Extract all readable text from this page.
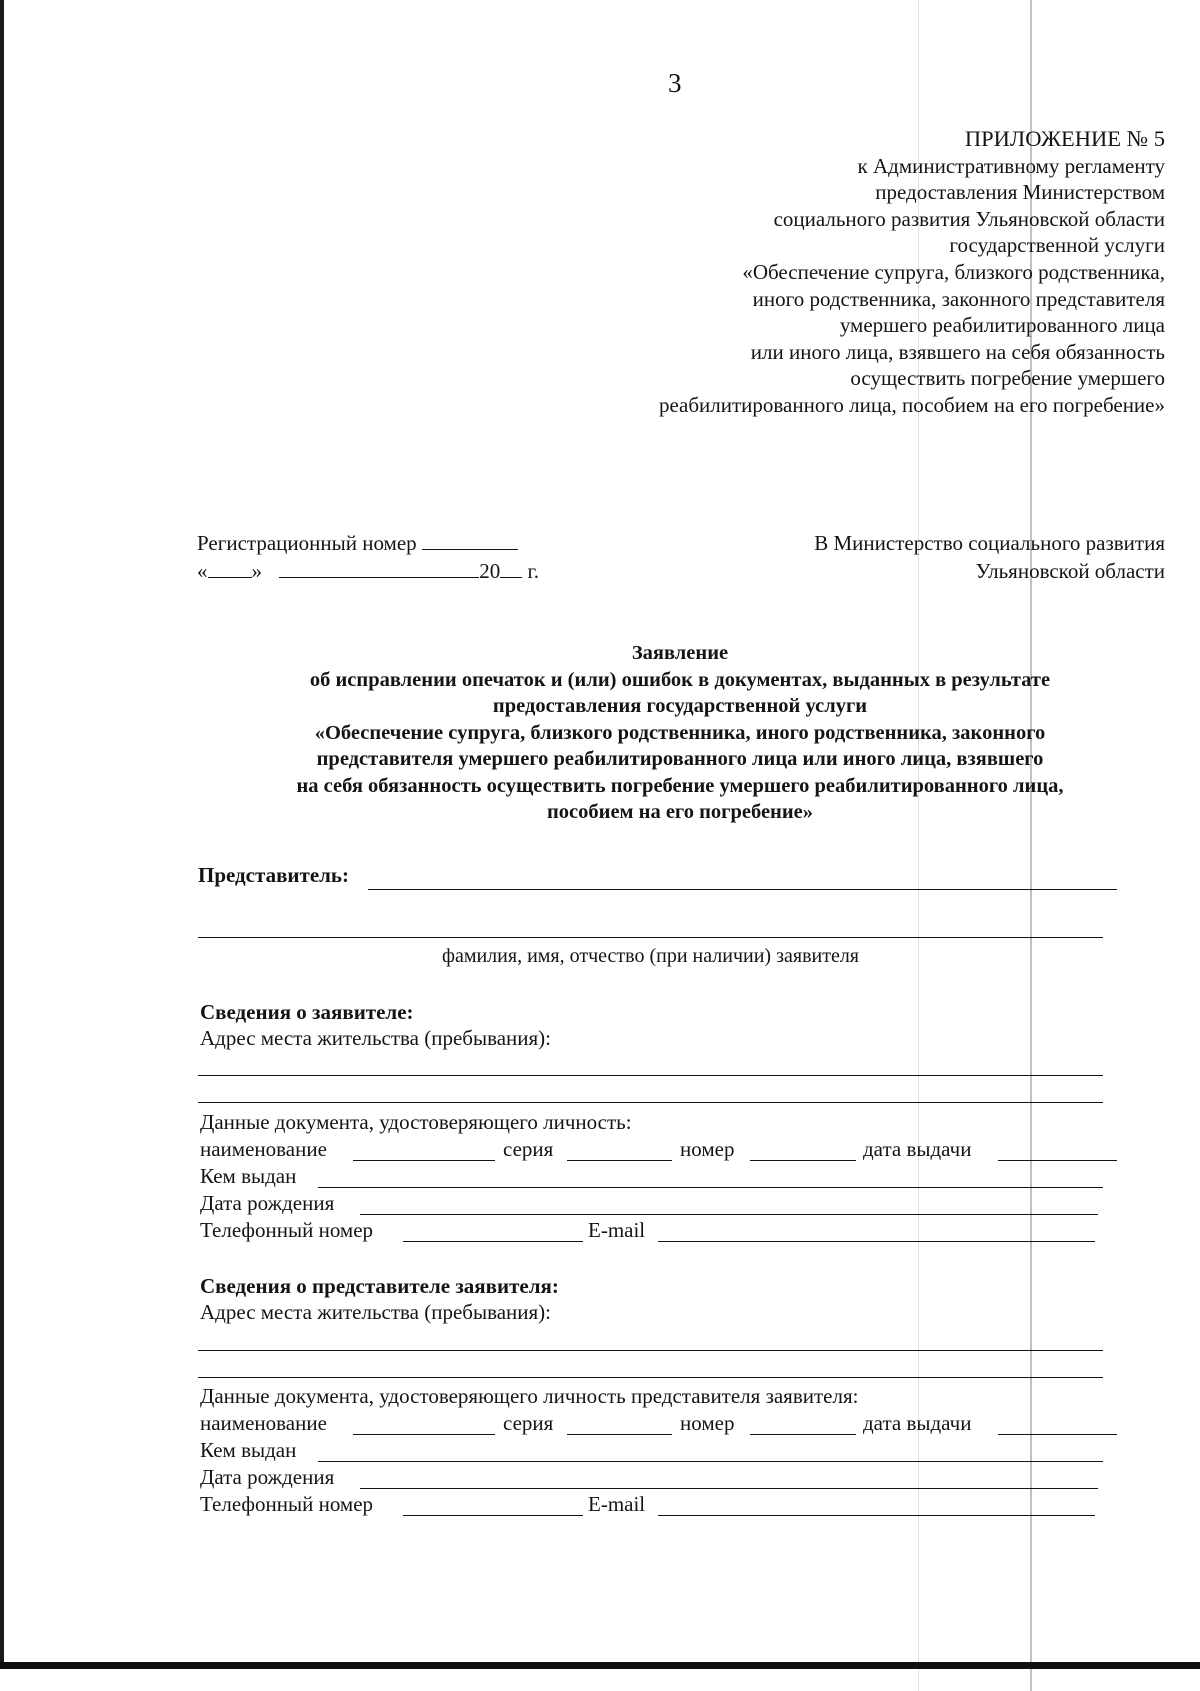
3
ПРИЛОЖЕНИЕ № 5
к Административному регламенту
предоставления Министерством
социального развития Ульяновской области
государственной услуги
«Обеспечение супруга, близкого родственника,
иного родственника, законного представителя
умершего реабилитированного лица
или иного лица, взявшего на себя обязанность
осуществить погребение умершего
реабилитированного лица, пособием на его погребение»
Регистрационный номер
« »	20 г.
В Министерство социального развития
Ульяновской области
Заявление
об исправлении опечаток и (или) ошибок в документах, выданных в результате
предоставления государственной услуги
«Обеспечение супруга, близкого родственника, иного родственника, законного
представителя умершего реабилитированного лица или иного лица, взявшего
на себя обязанность осуществить погребение умершего реабилитированного лица,
пособием на его погребение»
Представитель:
фамилия, имя, отчество (при наличии) заявителя
Сведения о заявителе:
Адрес места жительства (пребывания):
Данные документа, удостоверяющего личность:
наименование	серия	номер	дата выдачи
Кем выдан
Дата рождения
Телефонный номер	E-mail
Сведения о представителе заявителя:
Адрес места жительства (пребывания):
Данные документа, удостоверяющего личность представителя заявителя:
наименование	серия	номер	дата выдачи
Кем выдан
Дата рождения
Телефонный номер	E-mail
